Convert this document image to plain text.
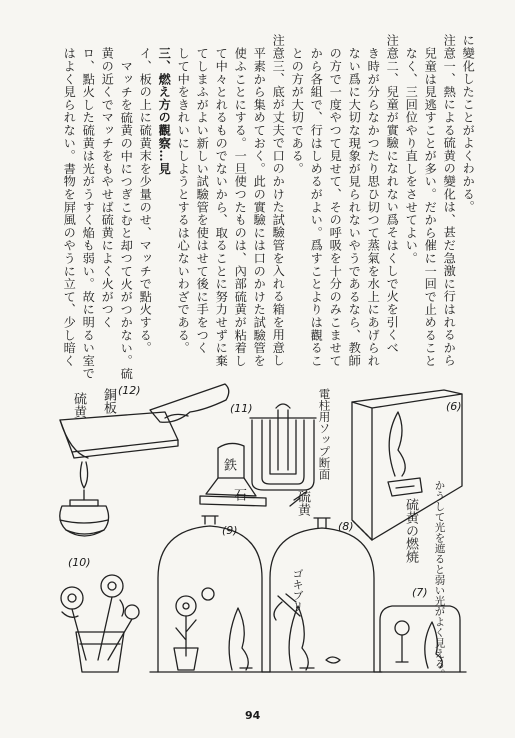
に變化したことがよくわかる。
注意一、熱による硫黄の變化は、甚だ急激に行はれるから
兒童は見逃すことが多い。だから催に一回で止めること
なく、三回位やり直しをさせてよい。
注意二、兒童が實驗になれない爲そはくしで火を引くべ
き時が分らなかつたり思ひ切つて蒸氣を水上にあげられ
ない爲に大切な現象が見られないやうであるなら、教師
の方で一度やつて見せて、その呼吸を十分のみこませて
から各組で、行はしめるがよい。爲すことよりは觀るこ
との方が大切である。
注意三、底が丈夫で口のかけた試驗管を入れる箱を用意し
平素から集めておく。此の實驗には口のかけた試驗管を
使ふことにする。一旦使つたものは、內部硫黄が粘着し
て中々とれるものでないから、取ることに努力せずに棄
てしまふがよい新しい試驗管を使はせて後に手をつく
して中をきれいにしようとするは心ないわざである。
三、燃え方の觀察…見
イ、板の上に硫黄末を少量のせ、マッチで點火する。
マッチを硫黄の中につぎこむと却つて火がつかない。硫
黄の近くでマッチをもやせば硫黄によく火がつく
ロ、點火した硫黄は光がうすく焔も弱い。故に明るい室で
はよく見られない。書物を屛風のやうに立て、少し暗く
(12)
硫黄 銅板	(11)	電柱用ソップ断面
鉄
石	硫黄
(6)
硫黄の燃焼 かうして光を遮ると弱い光がよく見える。
(9)	(8)
ゴキブリ
(10)
(7)
94
